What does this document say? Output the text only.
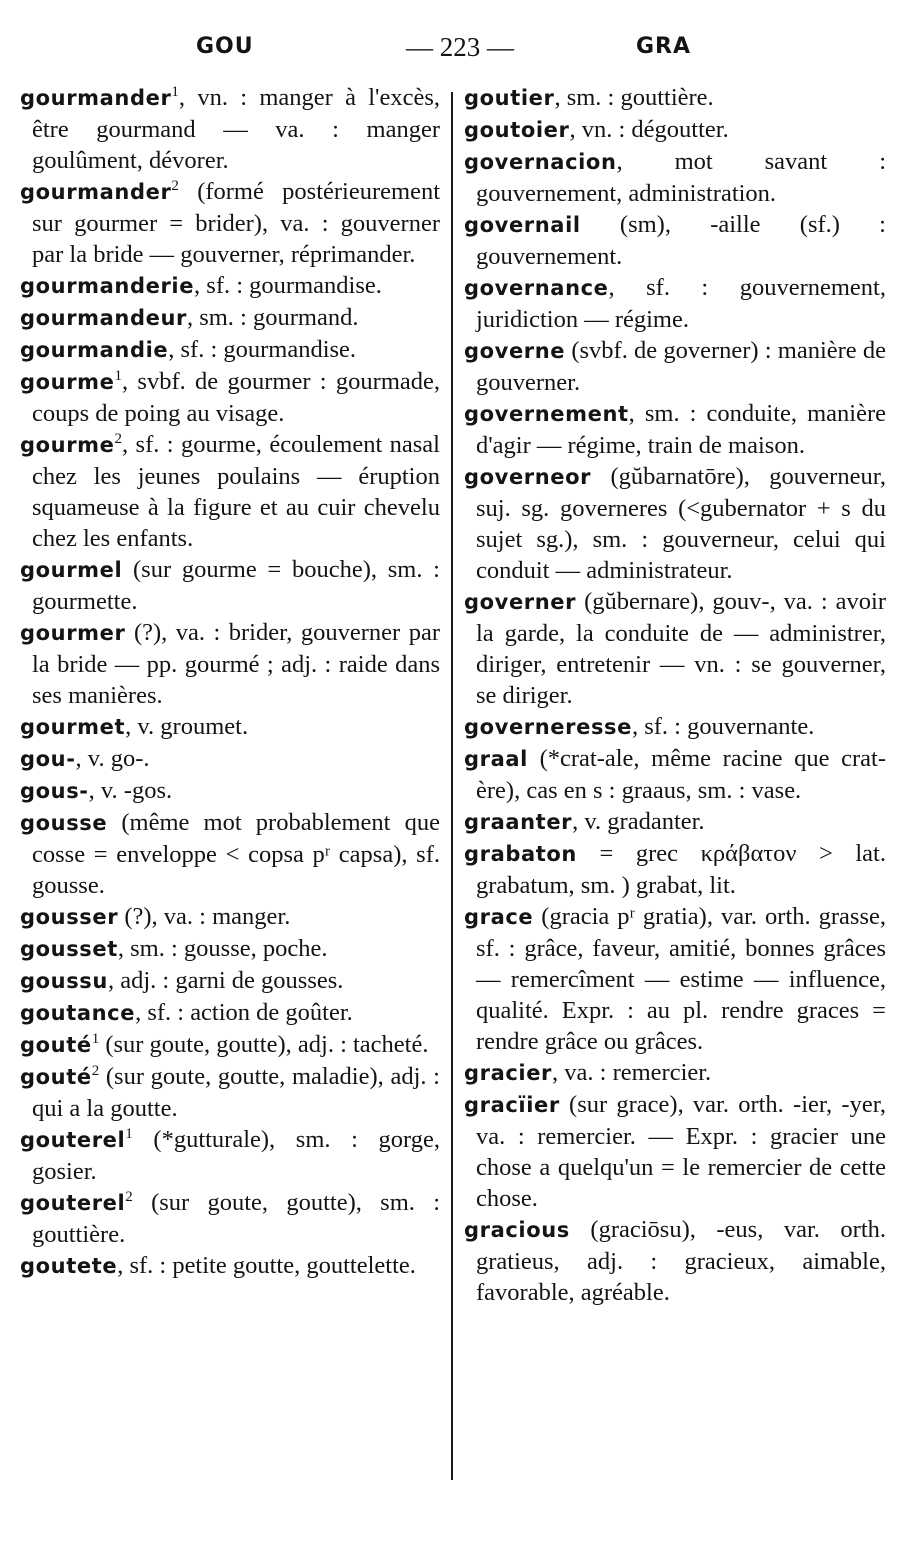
GOU	— 223 —	GRA

gourmander$^1$, vn. : manger à l'excès, être gourmand — va. : manger goulûment, dévorer.

gourmander$^2$ (formé postérieurement sur gourmer = brider), va. : gouverner par la bride — gouverner, réprimander.

gourmanderie, sf. : gourmandise.

gourmandeur, sm. : gourmand.

gourmandie, sf. : gourmandise.

gourme$^1$, svbf. de gourmer : gourmade, coups de poing au visage.

gourme$^2$, sf. : gourme, écoulement nasal chez les jeunes poulains — éruption squameuse à la figure et au cuir chevelu chez les enfants.

gourmel (sur gourme = bouche), sm. : gourmette.

gourmer (?), va. : brider, gouverner par la bride — pp. gourmé ; adj. : raide dans ses manières.

gourmet, v. groumet.

gou-, v. go-.

gous-, v. -gos.

gousse (même mot probablement que cosse = enveloppe < copsa pʳ capsa), sf. gousse.

gousser (?), va. : manger.

gousset, sm. : gousse, poche.

goussu, adj. : garni de gousses.

goutance, sf. : action de goûter.

gouté$^1$ (sur goute, goutte), adj. : tacheté.

gouté$^2$ (sur goute, goutte, maladie), adj. : qui a la goutte.

gouterel$^1$ (*gutturale), sm. : gorge, gosier.

gouterel$^2$ (sur goute, goutte), sm. : gouttière.

goutete, sf. : petite goutte, gouttelette.

goutier, sm. : gouttière.

goutoier, vn. : dégoutter.

governacion, mot savant : gouvernement, administration.

governail (sm), -aille (sf.) : gouvernement.

governance, sf. : gouvernement, juridiction — régime.

governe (svbf. de governer) : manière de gouverner.

governement, sm. : conduite, manière d'agir — régime, train de maison.

governeor (gŭbarnatōre), gouverneur, suj. sg. governeres (<gubernator + s du sujet sg.), sm. : gouverneur, celui qui conduit — administrateur.

governer (gŭbernare), gouv-, va. : avoir la garde, la conduite de — administrer, diriger, entretenir — vn. : se gouverner, se diriger.

governeresse, sf. : gouvernante.

graal (*crat-ale, même racine que crat-ère), cas en s : graaus, sm. : vase.

graanter, v. gradanter.

grabaton = grec κράβατον > lat. grabatum, sm. ) grabat, lit.

grace (gracia pʳ gratia), var. orth. grasse, sf. : grâce, faveur, amitié, bonnes grâces — remercîment — estime — influence, qualité. Expr. : au pl. rendre graces = rendre grâce ou grâces.

gracier, va. : remercier.

gracïier (sur grace), var. orth. -ier, -yer, va. : remercier. — Expr. : gracier une chose a quelqu'un = le remercier de cette chose.

gracious (graciōsu), -eus, var. orth. gratieus, adj. : gracieux, aimable, favorable, agréable.
